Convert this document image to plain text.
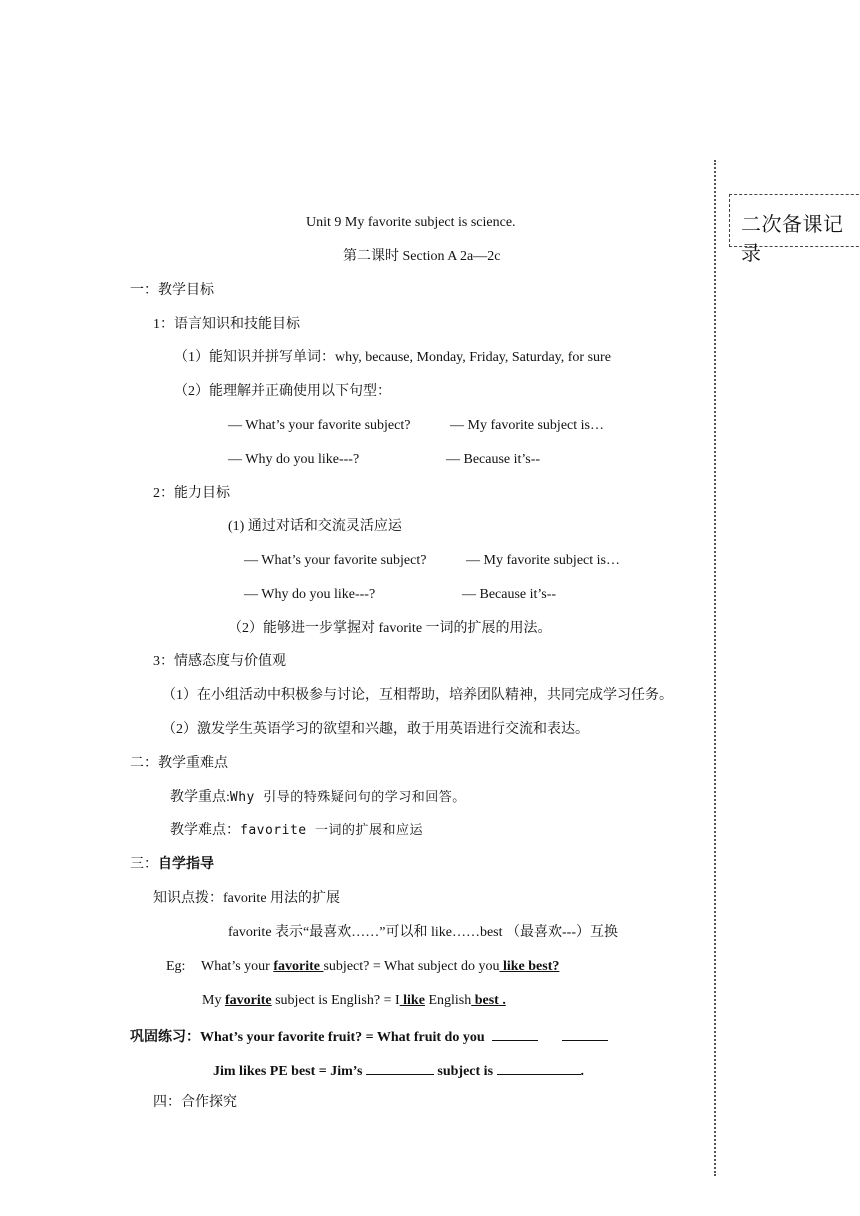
二次备课记录
Unit 9 My favorite subject is science.
第二课时 Section A 2a—2c
一：教学目标
1：语言知识和技能目标
（1）能知识并拼写单词：why, because, Monday, Friday, Saturday, for sure
（2）能理解并正确使用以下句型：
— What’s your favorite subject?	— My favorite subject is…
— Why do you like---?	— Because it’s--
2：能力目标
(1) 通过对话和交流灵活应运
— What’s your favorite subject?	— My favorite subject is…
— Why do you like---?	— Because it’s--
（2）能够进一步掌握对 favorite 一词的扩展的用法。
3：情感态度与价值观
（1）在小组活动中积极参与讨论，互相帮助，培养团队精神，共同完成学习任务。
（2）激发学生英语学习的欲望和兴趣，敢于用英语进行交流和表达。
二：教学重难点
教学重点:Why 引导的特殊疑问句的学习和回答。
教学难点：favorite 一词的扩展和应运
三：自学指导
知识点拨：favorite 用法的扩展
favorite 表示“最喜欢……”可以和 like……best （最喜欢---）互换
Eg: What’s your favorite subject? = What subject do you like best?
My favorite subject is English? = I like English best .
巩固练习：What’s your favorite fruit? = What fruit do you
Jim likes PE best = Jim’s	subject is	.
四：合作探究
